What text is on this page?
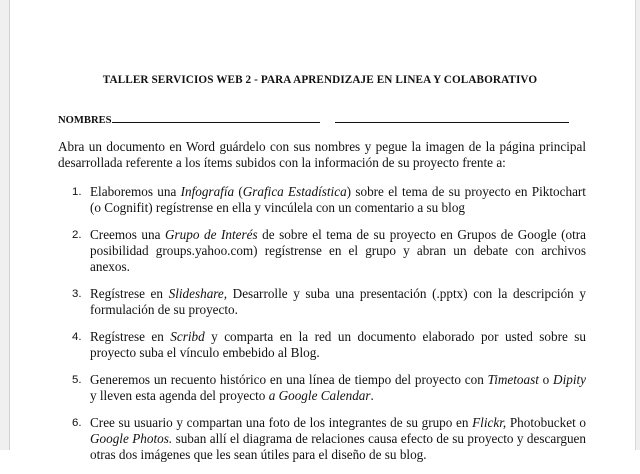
TALLER SERVICIOS WEB 2 - PARA APRENDIZAJE EN LINEA Y COLABORATIVO
NOMBRES
Abra un documento en Word guárdelo con sus nombres y pegue la imagen de la página principal desarrollada referente a los ítems subidos con la información de su proyecto frente a:
1. Elaboremos una Infografía (Grafica Estadística) sobre el tema de su proyecto en Piktochart (o Cognifit) regístrense en ella y vincúlela con un comentario a su blog
2. Creemos una Grupo de Interés de sobre el tema de su proyecto en Grupos de Google (otra posibilidad groups.yahoo.com) regístrense en el grupo y abran un debate con archivos anexos.
3. Regístrese en Slideshare, Desarrolle y suba una presentación (.pptx) con la descripción y formulación de su proyecto.
4. Regístrese en Scribd y comparta en la red un documento elaborado por usted sobre su proyecto suba el vínculo embebido al Blog.
5. Generemos un recuento histórico en una línea de tiempo del proyecto con Timetoast o Dipity y lleven esta agenda del proyecto a Google Calendar.
6. Cree su usuario y compartan una foto de los integrantes de su grupo en Flickr, Photobucket o Google Photos. suban allí el diagrama de relaciones causa efecto de su proyecto y descarguen otras dos imágenes que les sean útiles para el diseño de su blog.
